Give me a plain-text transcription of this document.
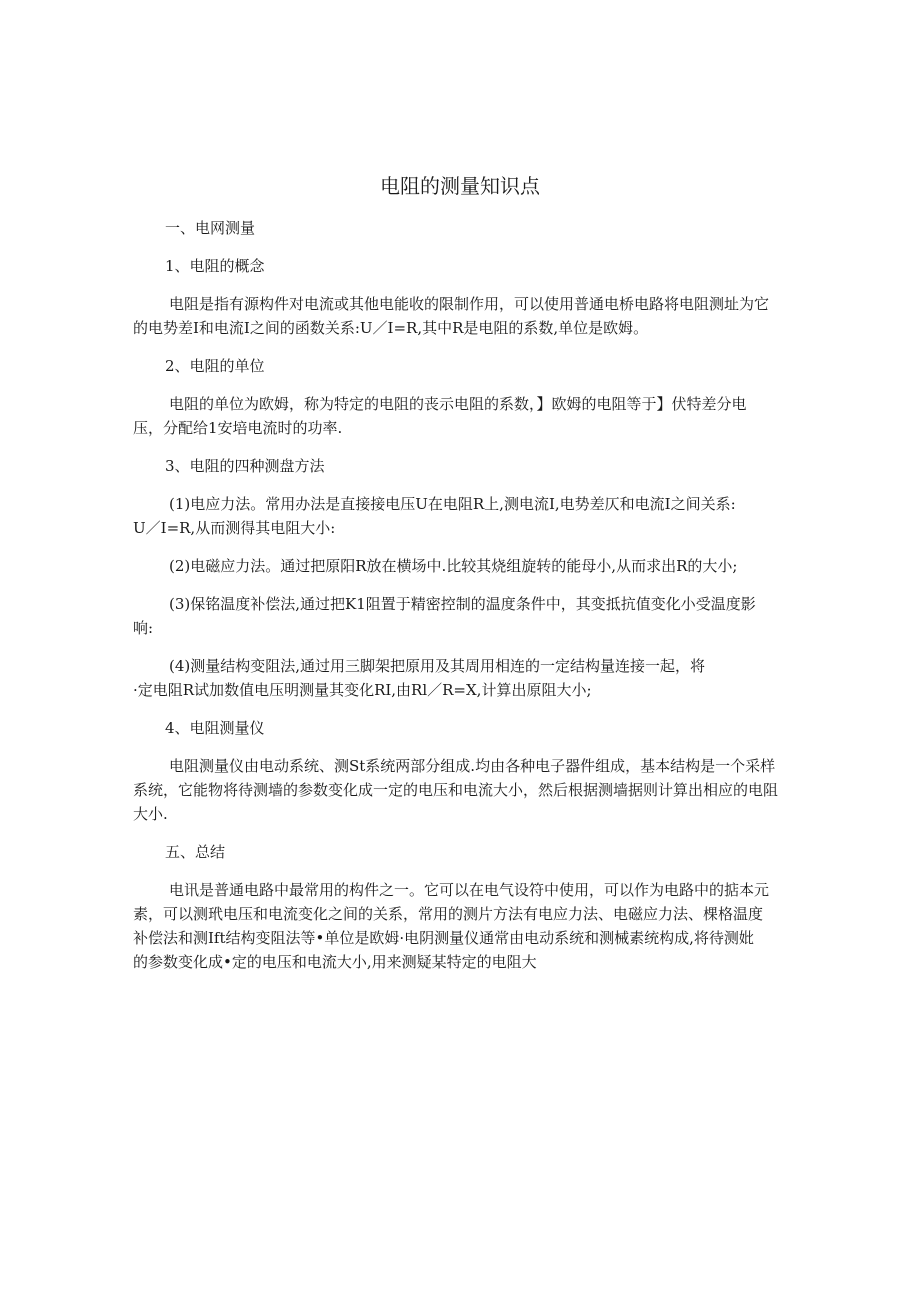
电阻的测量知识点

一、电网测量

1、电阻的概念

电阻是指有源构件对电流或其他电能收的限制作用，可以使用普通电桥电路将电阻测址为它
的电势差I和电流I之间的函数关系:U／I=R,其中R是电阻的系数,单位是欧姆。

2、电阻的单位

电阻的单位为欧姆，称为特定的电阻的丧示电阻的系数，】欧姆的电阻等于】伏特差分电
压，分配给1安培电流时的功率.

3、电阻的四种测盘方法

(1)电应力法。常用办法是直接接电压U在电阻R上,测电流I,电势差仄和电流I之间关系:
U／I=R,从而测得其电阻大小:
(2)电磁应力法。通过把原阳R放在横场中.比较其烧组旋转的能母小,从而求出R的大小;
(3)保铭温度补偿法,通过把K1阻置于精密控制的温度条件中，其变抵抗值变化小受温度影
响:
(4)测量结构变阻法,通过用三脚架把原用及其周用相连的一定结构量连接一起，将
·定电阻R试加数值电压明测量其变化RI,由Rl／R=X,计算出原阻大小;

4、电阻测量仪

电阻测量仪由电动系统、测St系统两部分组成.均由各种电子器件组成，基本结构是一个采样
系统，它能物将待测墙的参数变化成一定的电压和电流大小，然后根据测墙据则计算出相应的电阻
大小.

五、总结

电讯是普通电路中最常用的构件之一。它可以在电气设符中使用，可以作为电路中的掂本元
素，可以测玳电压和电流变化之间的关系，常用的测片方法有电应力法、电磁应力法、棵格温度
补偿法和测Ift结构变阻法等•单位是欧姆·电阴测量仪通常由电动系统和测械素统构成,将待测妣
的参数变化成•定的电压和电流大小,用来测疑某特定的电阻大
